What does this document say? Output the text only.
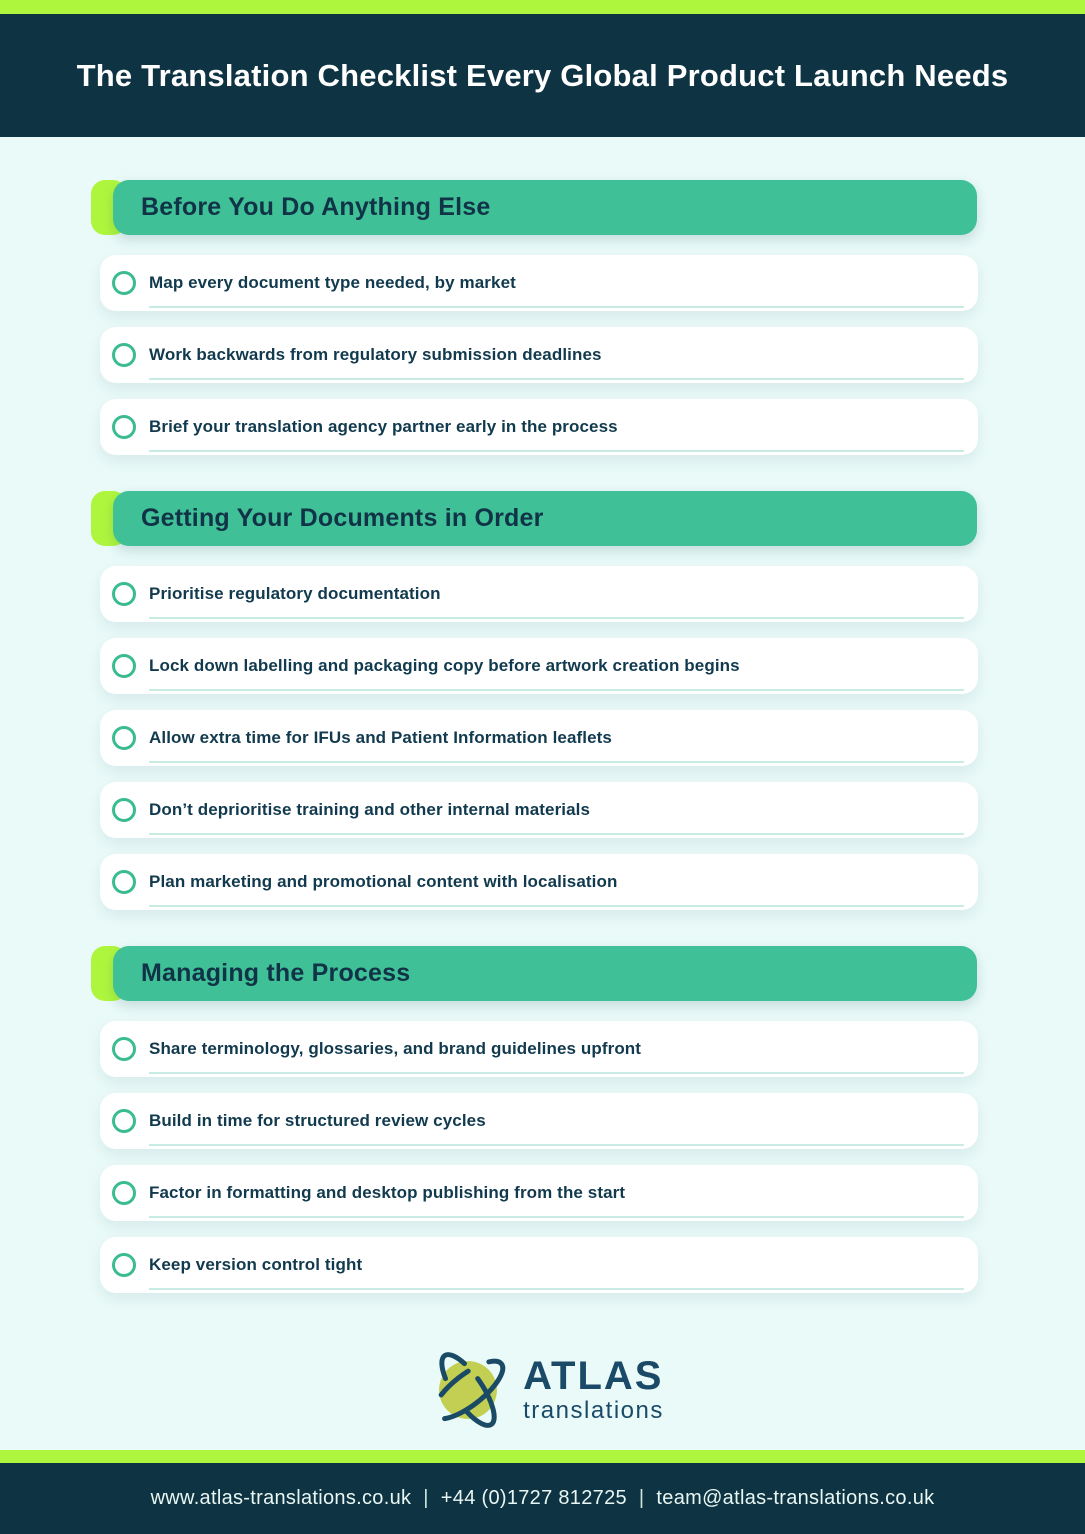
The Translation Checklist Every Global Product Launch Needs
Before You Do Anything Else
Map every document type needed, by market
Work backwards from regulatory submission deadlines
Brief your translation agency partner early in the process
Getting Your Documents in Order
Prioritise regulatory documentation
Lock down labelling and packaging copy before artwork creation begins
Allow extra time for IFUs and Patient Information leaflets
Don’t deprioritise training and other internal materials
Plan marketing and promotional content with localisation
Managing the Process
Share terminology, glossaries, and brand guidelines upfront
Build in time for structured review cycles
Factor in formatting and desktop publishing from the start
Keep version control tight
ATLAS
translations
www.atlas-translations.co.uk | +44 (0)1727 812725 | team@atlas-translations.co.uk
